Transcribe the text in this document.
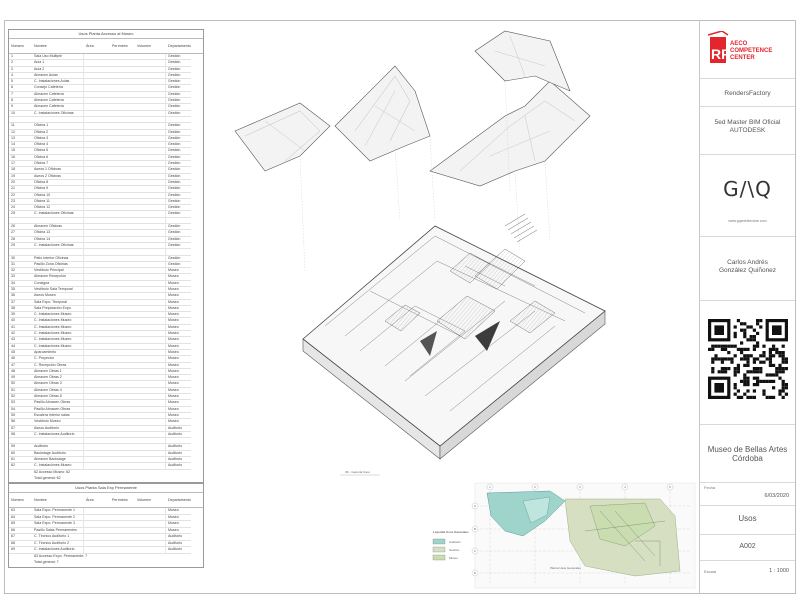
Usos Planta Accesso al Museo
Número	Nombre	Área	Perímetro	Volumen	Departamento
1	Sala Uso Multiple	Gestión
2	Aula 1	Gestión
3	Aula 2	Gestión
4	Almacen Aulas	Gestión
5	C. Instalaciones Aulas	Gestión
6	Consejo Cafetería	Gestión
7	Almacen Cafetería	Gestión
8	Almacen Cafetería	Gestión
9	Almacen Cafetería	Gestión
10	C. Instalaciones Oficinas	Gestión
11	Oficina 1	Gestión
12	Oficina 2	Gestión
13	Oficina 3	Gestión
14	Oficina 4	Gestión
15	Oficina 5	Gestión
16	Oficina 6	Gestión
17	Oficina 7	Gestión
18	Aseos 1 Oficinas	Gestión
19	Aseos 2 Oficinas	Gestión
20	Oficina 8	Gestión
21	Oficina 9	Gestión
22	Oficina 10	Gestión
23	Oficina 11	Gestión
24	Oficina 12	Gestión
25	C. Instalaciones Oficinas	Gestión
26	Almacen Oficinas	Gestión
27	Oficina 13	Gestión
28	Oficina 14	Gestión
29	C. Instalaciones Oficinas	Gestión
30	Patio Interior Oficinas	Gestión
31	Pasillo Zona Oficinas	Gestión
32	Vestíbulo Principal	Museo
33	Almacen Recepción	Museo
34	Consigna	Museo
35	Vestíbulo Sala Temporal	Museo
36	Aseos Museo	Museo
37	Sala Expo. Temporal	Museo
38	Sala Preparación Expo	Museo
39	C. Instalaciones Museo	Museo
40	C. Instalaciones Museo	Museo
41	C. Instalaciones Museo	Museo
42	C. Instalaciones Museo	Museo
43	C. Instalaciones Museo	Museo
44	C. Instalaciones Museo	Museo
45	Aparcamiento	Museo
46	C. Proyector	Museo
47	C. Recepción Obras	Museo
48	Almacen Obras 1	Museo
49	Almacen Obras 2	Museo
50	Almacen Obras 3	Museo
51	Almacen Obras 4	Museo
52	Almacen Obras 5	Museo
53	Pasillo Almacen Obras	Museo
54	Pasillo Almacen Obras	Museo
55	Escalera Interior salas	Museo
56	Vestíbulo Museo	Museo
57	Aseos Auditorio	Auditorio
58	C. Instalaciones Auditorio	Auditorio
59	Auditorio	Auditorio
60	Backstage Auditorio	Auditorio
61	Almacen Backstage	Auditorio
62	C. Instalaciones Museo	Auditorio
62 Accesso Museo: 62
Total general: 62
Usos Planta Sala Exp Permanente
Número	Nombre	Área	Perímetro	Volumen	Departamento
63	Sala Expo. Permanente 1	Museo
64	Sala Expo. Permanente 2	Museo
65	Sala Expo. Permanente 3	Museo
66	Pasillo Salas Permanentes	Museo
67	C. Técnico Auditorio 1	Auditorio
68	C. Técnico Auditorio 2	Auditorio
69	C. Instalaciones Auditorio	Auditorio
63 Accesso Expo. Permanente: 7
Total general: 7
3D - General Usos
Planta Usos Generales
Leyenda Usos Generales
Auditorio
Gestión
Museo
1	2	3	4	5
A
B
C
D
RF
AECO
COMPETENCE
CENTER
RendersFactory
5ed Master BIM Oficial
AUTODESK
G/\Q
www.gqarchitecture.com
Carlos Andrés
González Quiñonez
Museo de Bellas Artes
Córdoba
Fecha
6/03/2020
Usos
A002
Escala	1 : 1000
